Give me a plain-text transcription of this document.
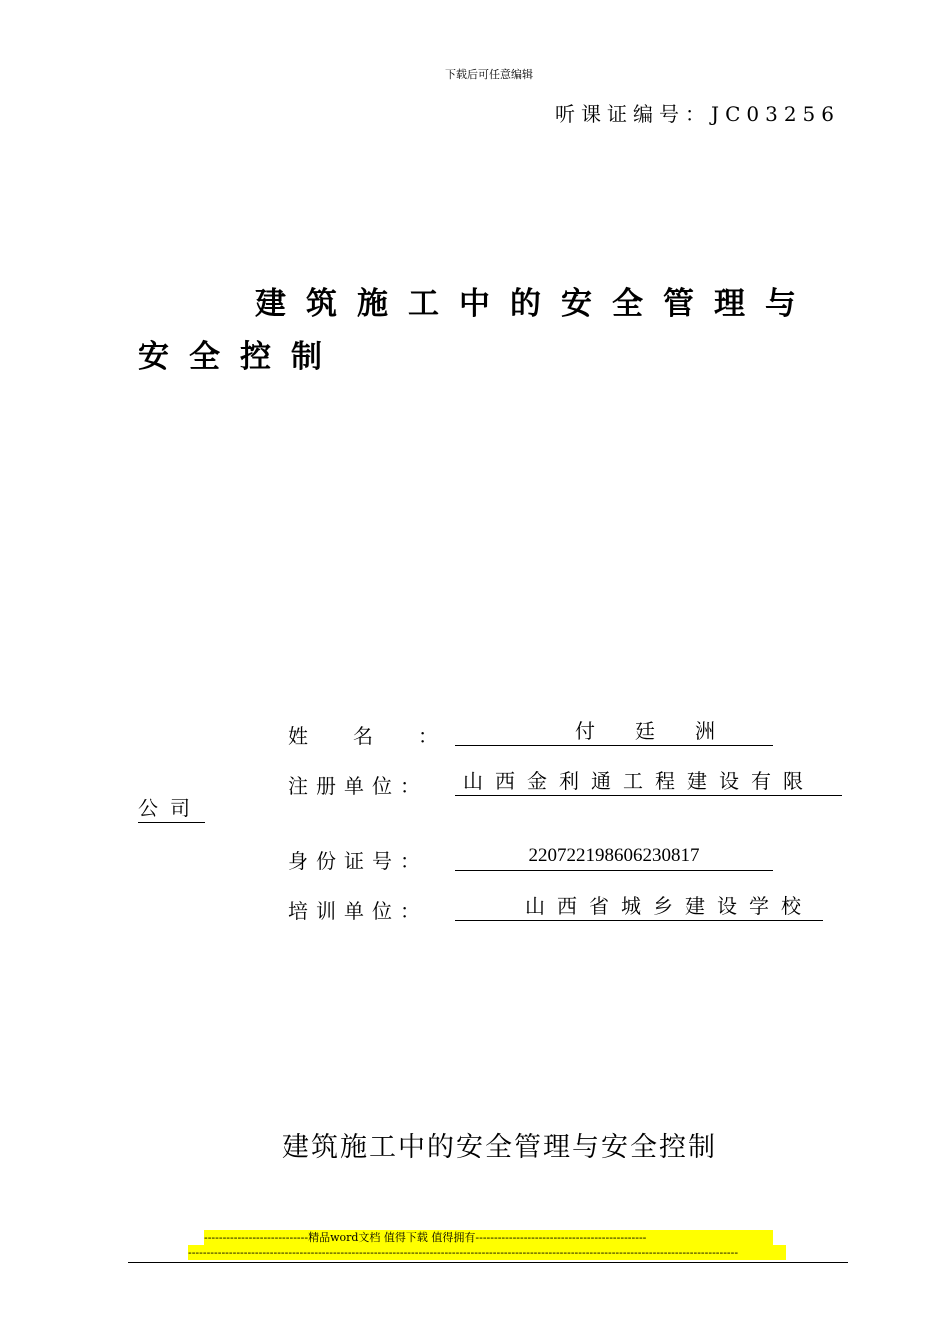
下载后可任意编辑
听课证编号：JC03256
建筑施工中的安全管理与
安全控制
姓 名 ：	付廷洲
注册单位：	山西金利通工程建设有限
公司
身份证号：	220722198606230817
培训单位：	山西省城乡建设学校
建筑施工中的安全管理与安全控制
----------------------------精品word文档 值得下载 值得拥有----------------------------------------------
----------------------------------------------------------------------------------------------------------------------------------------------------
